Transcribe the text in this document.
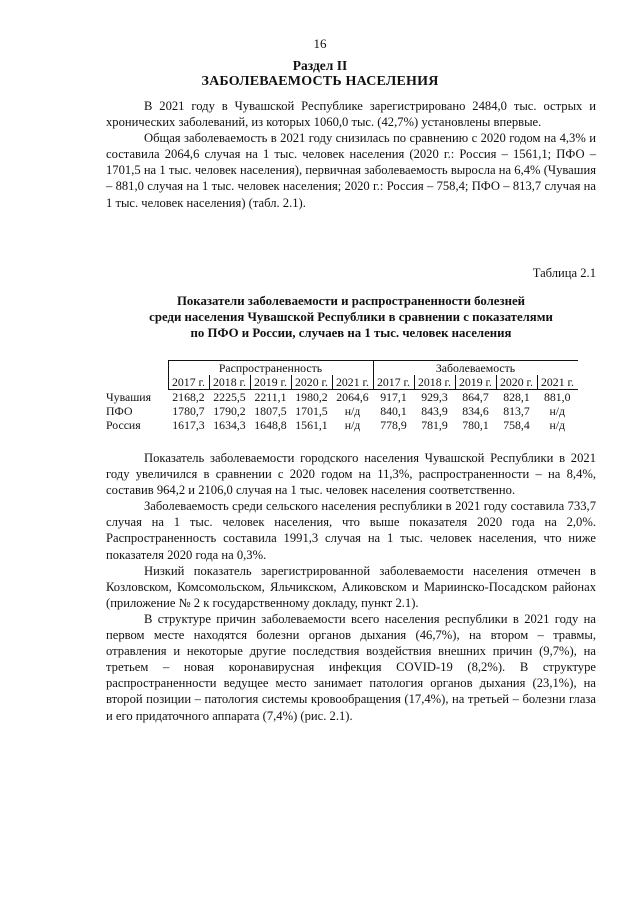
16
Раздел II
ЗАБОЛЕВАЕМОСТЬ НАСЕЛЕНИЯ

В 2021 году в Чувашской Республике зарегистрировано 2484,0 тыс. острых и хронических заболеваний, из которых 1060,0 тыс. (42,7%) установлены впервые.

Общая заболеваемость в 2021 году снизилась по сравнению с 2020 годом на 4,3% и составила 2064,6 случая на 1 тыс. человек населения (2020 г.: Россия – 1561,1; ПФО – 1701,5 на 1 тыс. человек населения), первичная заболеваемость выросла на 6,4% (Чувашия – 881,0 случая на 1 тыс. человек населения; 2020 г.: Россия – 758,4; ПФО – 813,7 случая на 1 тыс. человек населения) (табл. 2.1).

Таблица 2.1
Показатели заболеваемости и распространенности болезней
среди населения Чувашской Республики в сравнении с показателями
по ПФО и России, случаев на 1 тыс. человек населения
	Распространенность					Заболеваемость				
	2017 г.	2018 г.	2019 г.	2020 г.	2021 г.	2017 г.	2018 г.	2019 г.	2020 г.	2021 г.
Чувашия	2168,2	2225,5	2211,1	1980,2	2064,6	917,1	929,3	864,7	828,1	881,0
ПФО	1780,7	1790,2	1807,5	1701,5	н/д	840,1	843,9	834,6	813,7	н/д
Россия	1617,3	1634,3	1648,8	1561,1	н/д	778,9	781,9	780,1	758,4	н/д

Показатель заболеваемости городского населения Чувашской Республики в 2021 году увеличился в сравнении с 2020 годом на 11,3%, распространенности – на 8,4%, составив 964,2 и 2106,0 случая на 1 тыс. человек населения соответственно.

Заболеваемость среди сельского населения республики в 2021 году составила 733,7 случая на 1 тыс. человек населения, что выше показателя 2020 года на 2,0%. Распространенность составила 1991,3 случая на 1 тыс. человек населения, что ниже показателя 2020 года на 0,3%.

Низкий показатель зарегистрированной заболеваемости населения отмечен в Козловском, Комсомольском, Яльчикском, Аликовском и Мариинско-Посадском районах (приложение № 2 к государственному докладу, пункт 2.1).

В структуре причин заболеваемости всего населения республики в 2021 году на первом месте находятся болезни органов дыхания (46,7%), на втором – травмы, отравления и некоторые другие последствия воздействия внешних причин (9,7%), на третьем – новая коронавирусная инфекция COVID-19 (8,2%). В структуре распространенности ведущее место занимает патология органов дыхания (23,1%), на второй позиции – патология системы кровообращения (17,4%), на третьей – болезни глаза и его придаточного аппарата (7,4%) (рис. 2.1).
